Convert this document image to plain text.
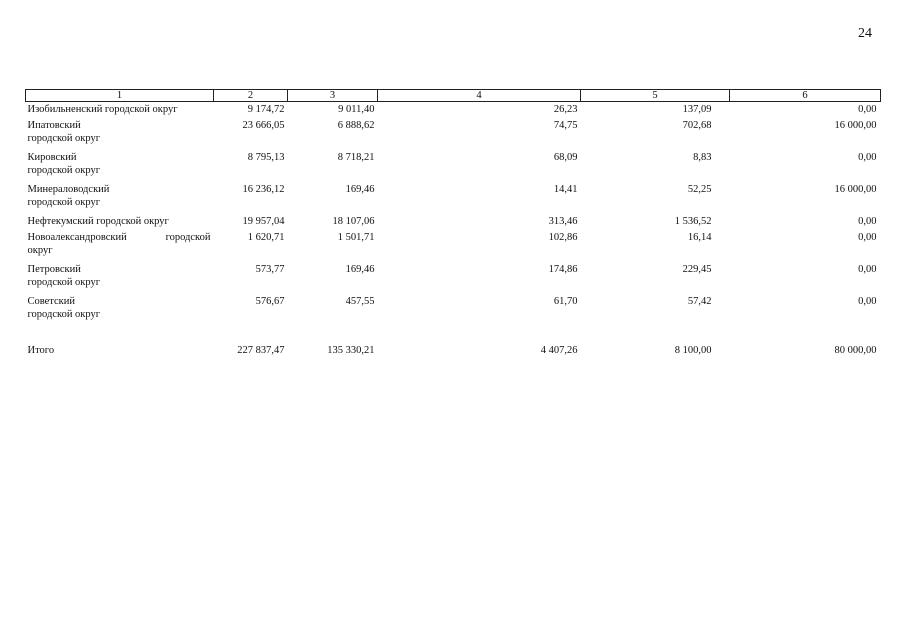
24
1	2	3	4	5	6

Изобильненский городской округ	9 174,72	9 011,40	26,23	137,09	0,00

Ипатовский
городской округ	23 666,05	6 888,62	74,75	702,68	16 000,00

Кировский
городской округ	8 795,13	8 718,21	68,09	8,83	0,00

Минераловодский
городской округ	16 236,12	169,46	14,41	52,25	16 000,00

Нефтекумский городской округ	19 957,04	18 107,06	313,46	1 536,52	0,00

Новоалександровский городской
округ	1 620,71	1 501,71	102,86	16,14	0,00

Петровский
городской округ	573,77	169,46	174,86	229,45	0,00

Советский
городской округ	576,67	457,55	61,70	57,42	0,00
Итого	227 837,47	135 330,21	4 407,26	8 100,00	80 000,00
